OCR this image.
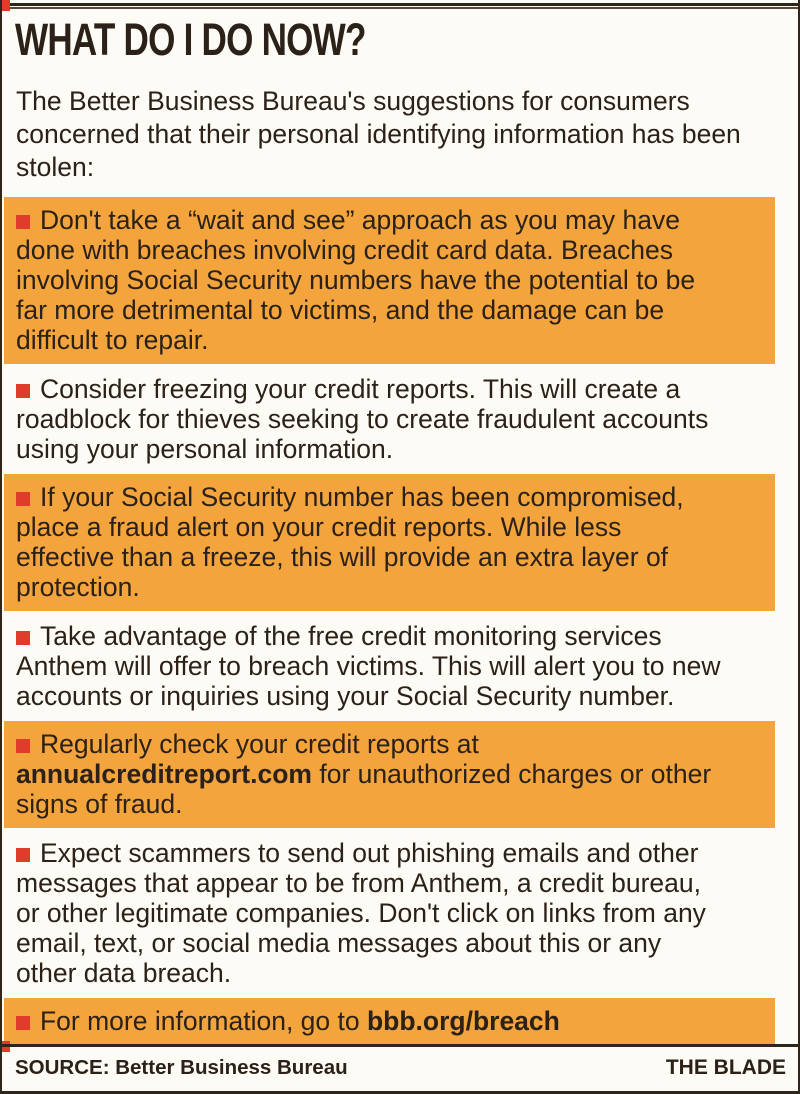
WHAT DO I DO NOW?

The Better Business Bureau's suggestions for consumers concerned that their personal identifying information has been stolen:

Don't take a “wait and see” approach as you may have done with breaches involving credit card data. Breaches involving Social Security numbers have the potential to be far more detrimental to victims, and the damage can be difficult to repair.
Consider freezing your credit reports. This will create a roadblock for thieves seeking to create fraudulent accounts using your personal information.
If your Social Security number has been compromised, place a fraud alert on your credit reports. While less effective than a freeze, this will provide an extra layer of protection.
Take advantage of the free credit monitoring services Anthem will offer to breach victims. This will alert you to new accounts or inquiries using your Social Security number.
Regularly check your credit reports at annualcreditreport.com for unauthorized charges or other signs of fraud.
Expect scammers to send out phishing emails and other messages that appear to be from Anthem, a credit bureau, or other legitimate companies. Don't click on links from any email, text, or social media messages about this or any other data breach.
For more information, go to bbb.org/breach
SOURCE: Better Business Bureau	THE BLADE
